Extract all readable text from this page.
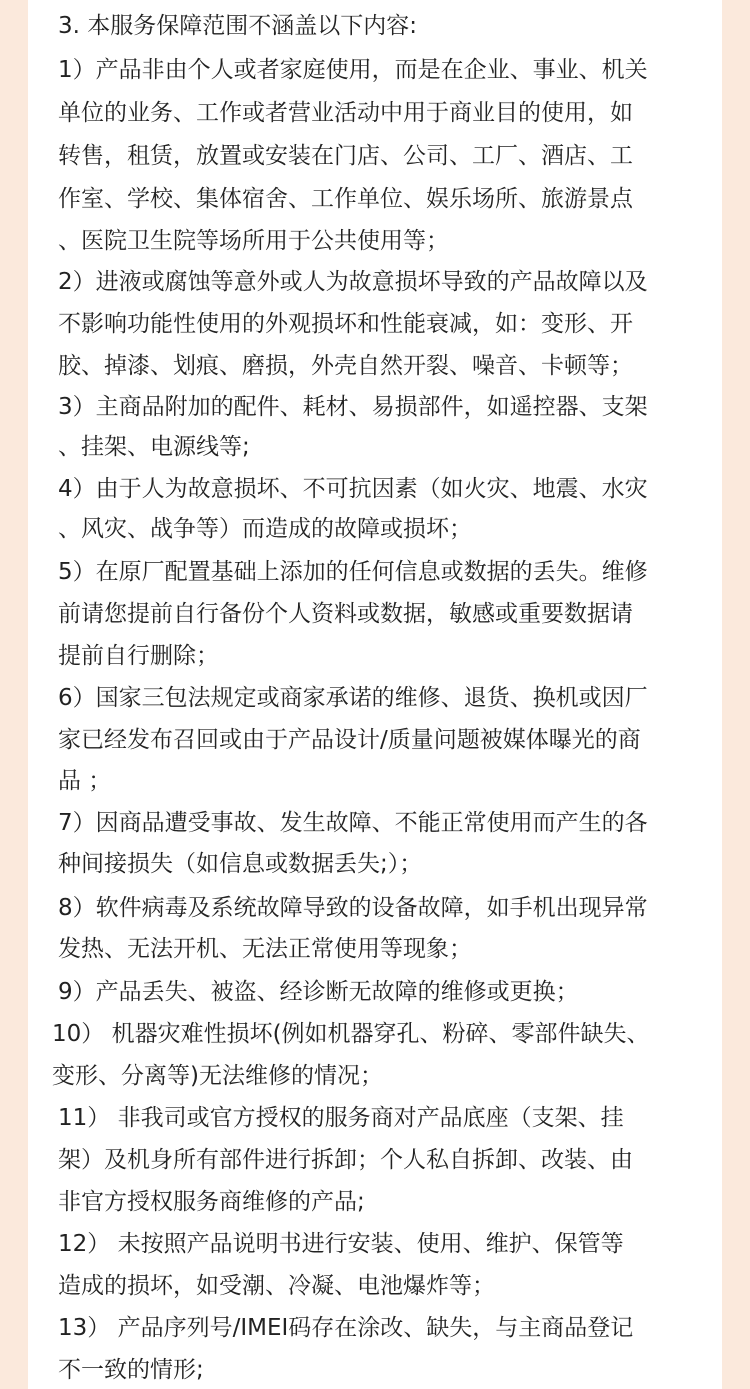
3. 本服务保障范围不涵盖以下内容:

1）产品非由个人或者家庭使用，而是在企业、事业、机关

单位的业务、工作或者营业活动中用于商业目的使用，如

转售，租赁，放置或安装在门店、公司、工厂、酒店、工

作室、学校、集体宿舍、工作单位、娱乐场所、旅游景点

、医院卫生院等场所用于公共使用等；

2）进液或腐蚀等意外或人为故意损坏导致的产品故障以及

不影响功能性使用的外观损坏和性能衰减，如：变形、开

胶、掉漆、划痕、磨损，外壳自然开裂、噪音、卡顿等；

3）主商品附加的配件、耗材、易损部件，如遥控器、支架

、挂架、电源线等;

4）由于人为故意损坏、不可抗因素（如火灾、地震、水灾

、风灾、战争等）而造成的故障或损坏；

5）在原厂配置基础上添加的任何信息或数据的丢失。维修

前请您提前自行备份个人资料或数据，敏感或重要数据请

提前自行删除；

6）国家三包法规定或商家承诺的维修、退货、换机或因厂

家已经发布召回或由于产品设计/质量问题被媒体曝光的商

品 ；

7）因商品遭受事故、发生故障、不能正常使用而产生的各

种间接损失（如信息或数据丢失;）；

8）软件病毒及系统故障导致的设备故障，如手机出现异常

发热、无法开机、无法正常使用等现象；

9）产品丢失、被盗、经诊断无故障的维修或更换；

10） 机器灾难性损坏(例如机器穿孔、粉碎、零部件缺失、

变形、分离等)无法维修的情况；

11） 非我司或官方授权的服务商对产品底座（支架、挂

架）及机身所有部件进行拆卸；个人私自拆卸、改装、由

非官方授权服务商维修的产品;

12） 未按照产品说明书进行安装、使用、维护、保管等

造成的损坏，如受潮、冷凝、电池爆炸等；

13） 产品序列号/IMEI码存在涂改、缺失，与主商品登记

不一致的情形;
